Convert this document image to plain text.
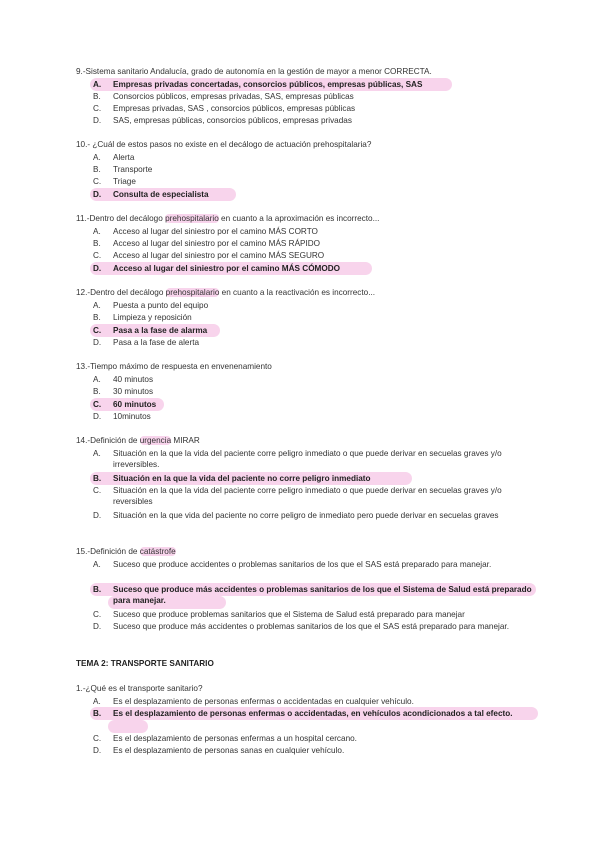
9.-Sistema sanitario Andalucía, grado de autonomía en la gestión de mayor a menor CORRECTA.
A.	Empresas privadas concertadas, consorcios públicos, empresas públicas, SAS
B.	Consorcios públicos, empresas privadas, SAS, empresas públicas
C.	Empresas privadas, SAS , consorcios públicos, empresas públicas
D.	SAS, empresas públicas, consorcios públicos, empresas privadas
10.- ¿Cuál de estos pasos no existe en el decálogo de actuación prehospitalaria?
A.	Alerta
B.	Transporte
C.	Triage
D.	Consulta de especialista
11.-Dentro del decálogo prehospitalario en cuanto a la aproximación es incorrecto...
A.	Acceso al lugar del siniestro por el camino MÁS CORTO
B.	Acceso al lugar del siniestro por el camino MÁS RÁPIDO
C.	Acceso al lugar del siniestro por el camino MÁS SEGURO
D.	Acceso al lugar del siniestro por el camino MÁS CÓMODO
12.-Dentro del decálogo prehospitalario en cuanto a la reactivación es incorrecto...
A.	Puesta a punto del equipo
B.	Limpieza y reposición
C.	Pasa a la fase de alarma
D.	Pasa a la fase de alerta
13.-Tiempo máximo de respuesta en envenenamiento
A.	40 minutos
B.	30 minutos
C.	60 minutos
D.	10minutos
14.-Definición de urgencia MIRAR
A.	Situación en la que la vida del paciente corre peligro inmediato o que puede derivar en secuelas graves y/o irreversibles.
B.	Situación en la que la vida del paciente no corre peligro inmediato
C.	Situación en la que la vida del paciente corre peligro inmediato o que puede derivar en secuelas graves y/o reversibles
D.	Situación en la que vida del paciente no corre peligro de inmediato pero puede derivar en secuelas graves
15.-Definición de catástrofe
A.	Suceso que produce accidentes o problemas sanitarios de los que el SAS está preparado para manejar.
B.	Suceso que produce más accidentes o problemas sanitarios de los que el Sistema de Salud está preparado para manejar.
C.	Suceso que produce problemas sanitarios que el Sistema de Salud está preparado para manejar
D.	Suceso que produce más accidentes o problemas sanitarios de los que el SAS está preparado para manejar.
TEMA 2: TRANSPORTE SANITARIO
1.-¿Qué es el transporte sanitario?
A.	Es el desplazamiento de personas enfermas o accidentadas en cualquier vehículo.
B.	Es el desplazamiento de personas enfermas o accidentadas, en vehículos acondicionados a tal efecto.
C.	Es el desplazamiento de personas enfermas a un hospital cercano.
D.	Es el desplazamiento de personas sanas en cualquier vehículo.
